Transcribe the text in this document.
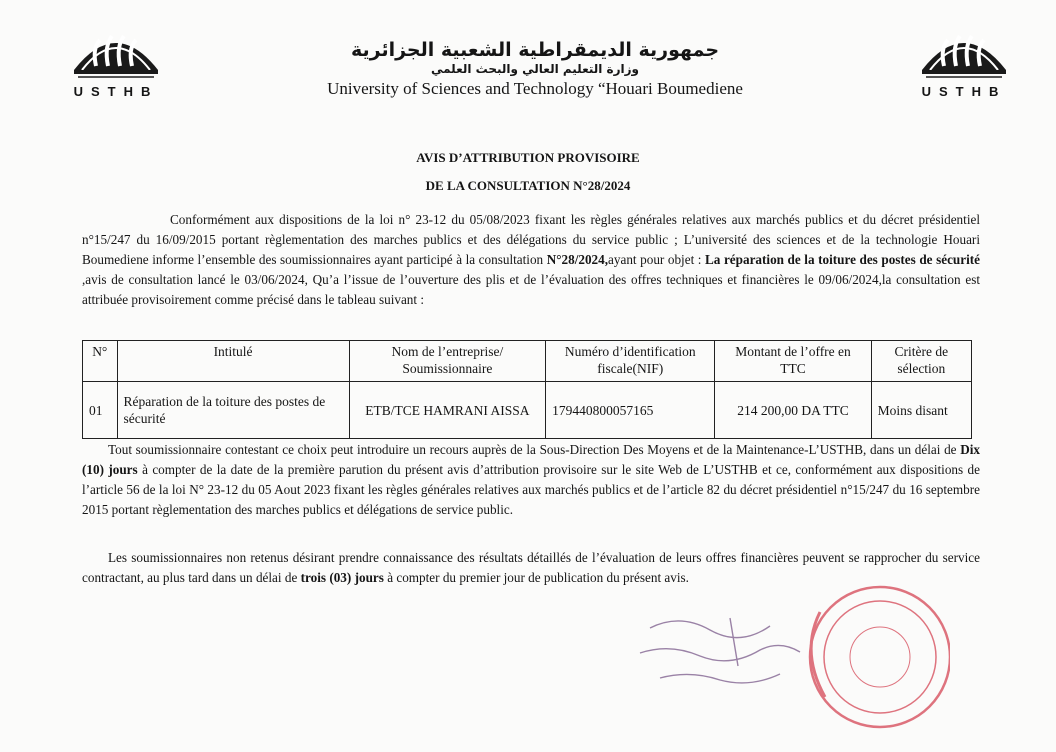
USTHB	USTHB
جمهورية الديمقراطية الشعبية الجزائرية
وزارة التعليم العالي والبحث العلمي
University of Sciences and Technology “Houari Boumediene
AVIS D’ATTRIBUTION PROVISOIRE
DE LA CONSULTATION N°28/2024
Conformément aux dispositions de la loi n° 23-12 du 05/08/2023 fixant les règles générales relatives aux marchés publics et du décret présidentiel n°15/247 du 16/09/2015 portant règlementation des marches publics et des délégations du service public ; L’université des sciences et de la technologie Houari Boumediene informe l’ensemble des soumissionnaires ayant participé à la consultation N°28/2024,ayant pour objet : La réparation de la toiture des postes de sécurité ,avis de consultation lancé le 03/06/2024, Qu’a l’issue de l’ouverture des plis et de l’évaluation des offres techniques et financières le 09/06/2024,la consultation est attribuée provisoirement comme précisé dans le tableau suivant :
N°	Intitulé	Nom de l’entreprise/ Soumissionnaire	Numéro d’identification fiscale(NIF)	Montant de l’offre en TTC	Critère de sélection
01	Réparation de la toiture des postes de sécurité	ETB/TCE HAMRANI AISSA	179440800057165	214 200,00 DA TTC	Moins disant
Tout soumissionnaire contestant ce choix peut introduire un recours auprès de la Sous-Direction Des Moyens et de la Maintenance-L’USTHB, dans un délai de Dix (10) jours à compter de la date de la première parution du présent avis d’attribution provisoire sur le site Web de L’USTHB et ce, conformément aux dispositions de l’article 56 de la loi N° 23-12 du 05 Aout 2023 fixant les règles générales relatives aux marchés publics et de l’article 82 du décret présidentiel n°15/247 du 16 septembre 2015 portant règlementation des marches publics et délégations de service public.
Les soumissionnaires non retenus désirant prendre connaissance des résultats détaillés de l’évaluation de leurs offres financières peuvent se rapprocher du service contractant, au plus tard dans un délai de trois (03) jours à compter du premier jour de publication du présent avis.
